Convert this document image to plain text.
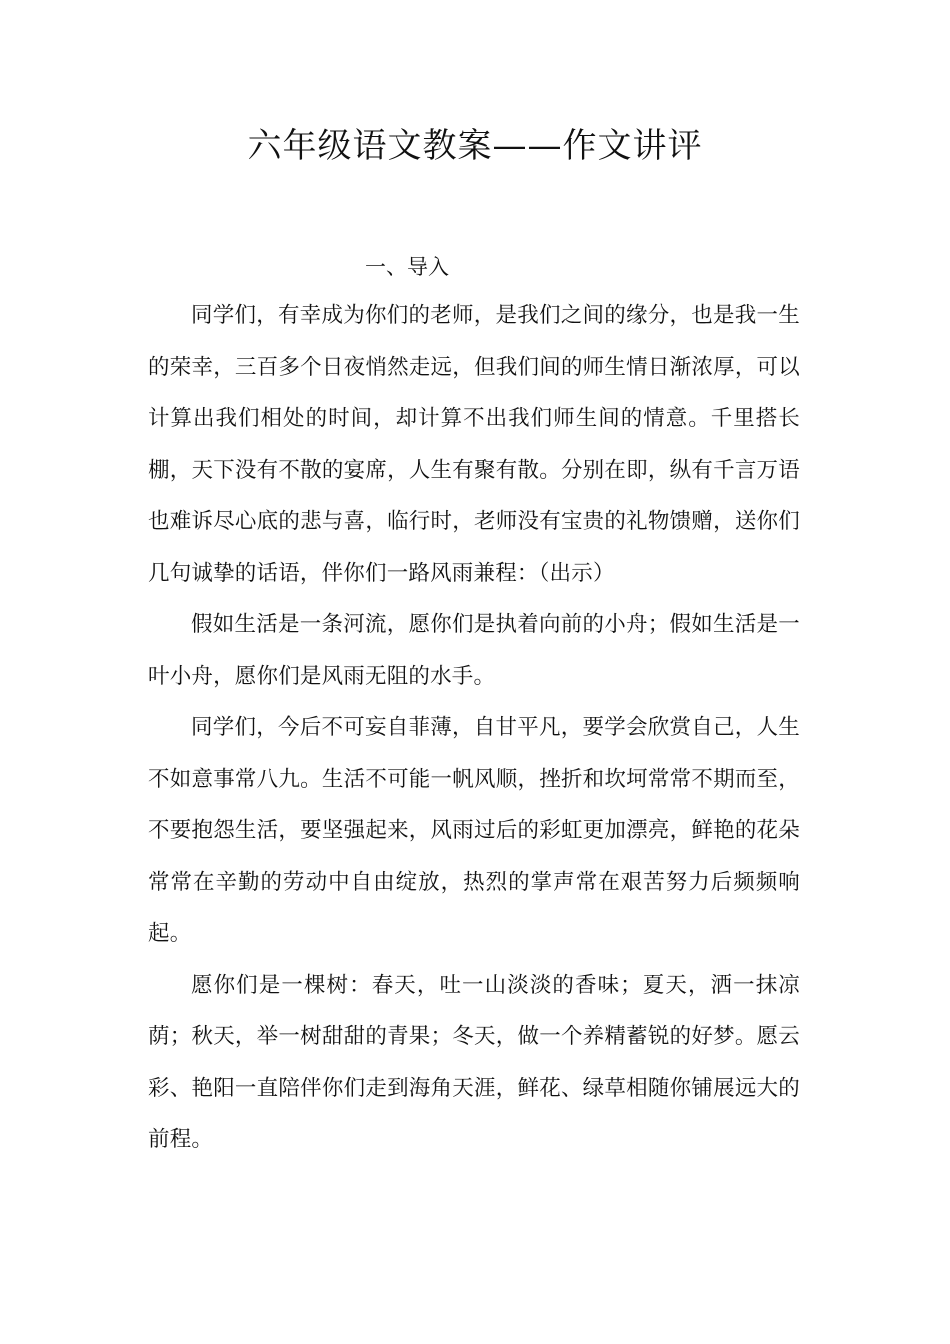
六年级语文教案——作文讲评
一、导入

同学们，有幸成为你们的老师，是我们之间的缘分，也是我一生的荣幸，三百多个日夜悄然走远，但我们间的师生情日渐浓厚，可以计算出我们相处的时间，却计算不出我们师生间的情意。千里搭长棚，天下没有不散的宴席，人生有聚有散。分别在即，纵有千言万语也难诉尽心底的悲与喜，临行时，老师没有宝贵的礼物馈赠，送你们几句诚挚的话语，伴你们一路风雨兼程：（出示）

假如生活是一条河流，愿你们是执着向前的小舟；假如生活是一叶小舟，愿你们是风雨无阻的水手。

同学们，今后不可妄自菲薄，自甘平凡，要学会欣赏自己，人生不如意事常八九。生活不可能一帆风顺，挫折和坎坷常常不期而至，不要抱怨生活，要坚强起来，风雨过后的彩虹更加漂亮，鲜艳的花朵常常在辛勤的劳动中自由绽放，热烈的掌声常在艰苦努力后频频响起。

愿你们是一棵树：春天，吐一山淡淡的香味；夏天，洒一抹凉荫；秋天，举一树甜甜的青果；冬天，做一个养精蓄锐的好梦。愿云彩、艳阳一直陪伴你们走到海角天涯，鲜花、绿草相随你铺展远大的前程。
